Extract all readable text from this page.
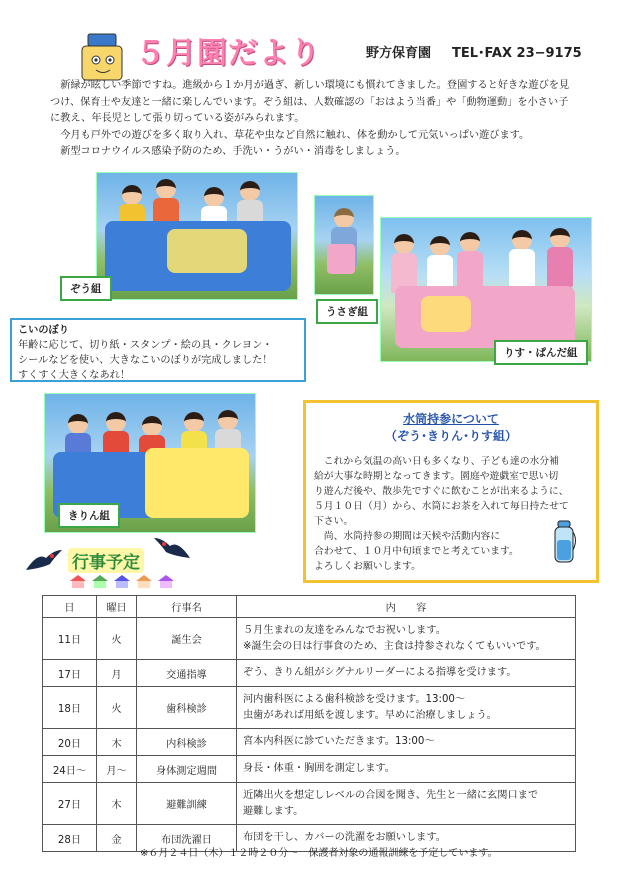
５月園だより	野方保育園 TEL･FAX 23−9175

新緑が眩しい季節ですね。進級から１か月が過ぎ、新しい環境にも慣れてきました。登園すると好きな遊びを見

つけ、保育士や友達と一緒に楽しんでいます。ぞう組は、人数確認の「おはよう当番」や「動物運動」を小さい子

に教え、年長児として張り切っている姿がみられます。

今月も戸外での遊びを多く取り入れ、草花や虫など自然に触れ、体を動かして元気いっぱい遊びます。

新型コロナウイルス感染予防のため、手洗い・うがい・消毒をしましょう。

ぞう組
うさぎ組
りす・ぱんだ組
こいのぼり
年齢に応じて、切り紙・スタンプ・絵の具・クレヨン・
シールなどを使い、大きなこいのぼりが完成しました！
すくすく大きくなあれ！
きりん組
水筒持参について
（ぞう･きりん･りす組）

これから気温の高い日も多くなり、子ども達の水分補

給が大事な時期となってきます。園庭や遊戯室で思い切

り遊んだ後や、散歩先ですぐに飲むことが出来るように、

５月１０日（月）から、水筒にお茶を入れて毎日持たせて

下さい。

尚、水筒持参の期間は天候や活動内容に

合わせて、１０月中旬頃までと考えています。

よろしくお願いします。

行事予定
日	曜日	行事名	内　　容
11日	火	誕生会	５月生まれの友達をみんなでお祝いします。
※誕生会の日は行事食のため、主食は持参されなくてもいいです。

17日	月	交通指導	ぞう、きりん組がシグナルリーダーによる指導を受けます。
18日	火	歯科検診	河内歯科医による歯科検診を受けます。13:00〜
虫歯があれば用紙を渡します。早めに治療しましょう。

20日	木	内科検診	宮本内科医に診ていただきます。13:00〜
24日〜	月〜	身体測定週間	身長・体重・胸囲を測定します。
27日	木	避難訓練	近隣出火を想定しレベルの合図を聞き、先生と一緒に玄関口まで
避難します。

28日	金	布団洗濯日	布団を干し、カバーの洗濯をお願いします。
※６月２４日（木）１２時２０分〜　保護者対象の通報訓練を予定しています。
